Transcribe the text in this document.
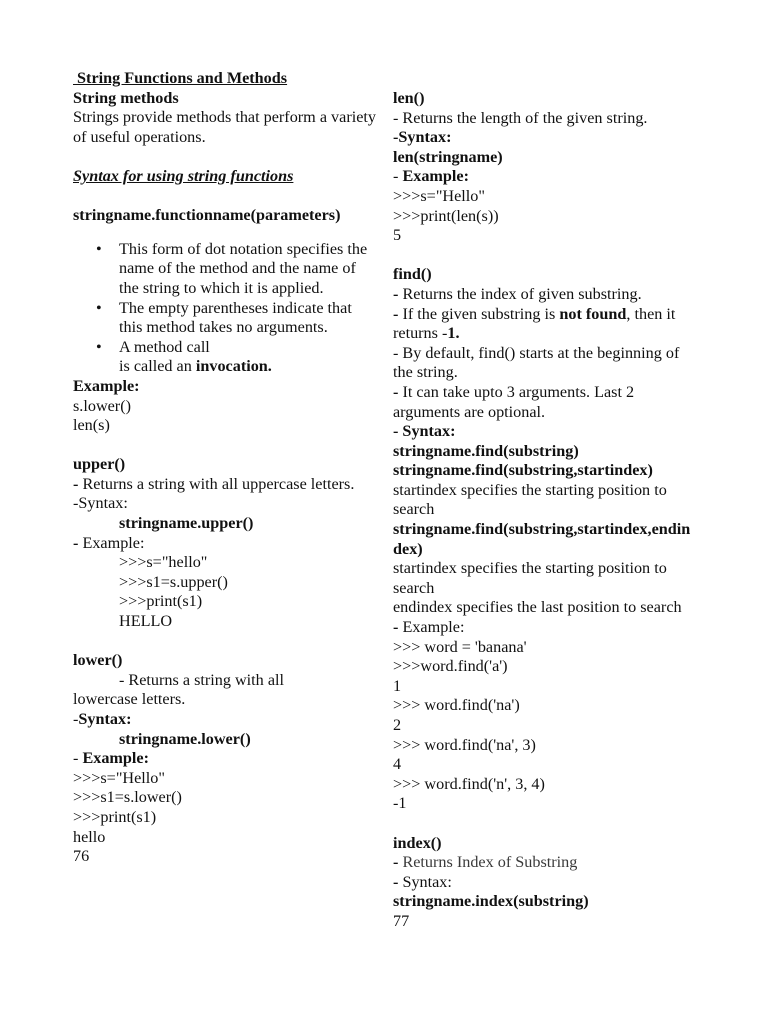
String Functions and Methods
String methods
Strings provide methods that perform a variety of useful operations.
Syntax for using string functions
stringname.functionname(parameters)
• This form of dot notation specifies the name of the method and the name of the string to which it is applied.
• The empty parentheses indicate that this method takes no arguments.
• A method call
is called an invocation.
Example:
s.lower()
len(s)
upper()
- Returns a string with all uppercase letters.
-Syntax:
stringname.upper()
- Example:
>>>s="hello"
>>>s1=s.upper()
>>>print(s1)
HELLO
lower()
- Returns a string with all
lowercase letters.
-Syntax:
stringname.lower()
- Example:
>>>s="Hello"
>>>s1=s.lower()
>>>print(s1)
hello
76
len()
- Returns the length of the given string.
-Syntax:
len(stringname)
- Example:
>>>s="Hello"
>>>print(len(s))
5
find()
- Returns the index of given substring.
- If the given substring is not found, then it returns -1.
- By default, find() starts at the beginning of the string.
- It can take upto 3 arguments. Last 2 arguments are optional.
- Syntax:
stringname.find(substring)
stringname.find(substring,startindex)
startindex specifies the starting position to search
stringname.find(substring,startindex,endindex)
startindex specifies the starting position to search
endindex specifies the last position to search
- Example:
>>> word = 'banana'
>>>word.find('a')
1
>>> word.find('na')
2
>>> word.find('na', 3)
4
>>> word.find('n', 3, 4)
-1
index()
- Returns Index of Substring
- Syntax:
stringname.index(substring)
77
